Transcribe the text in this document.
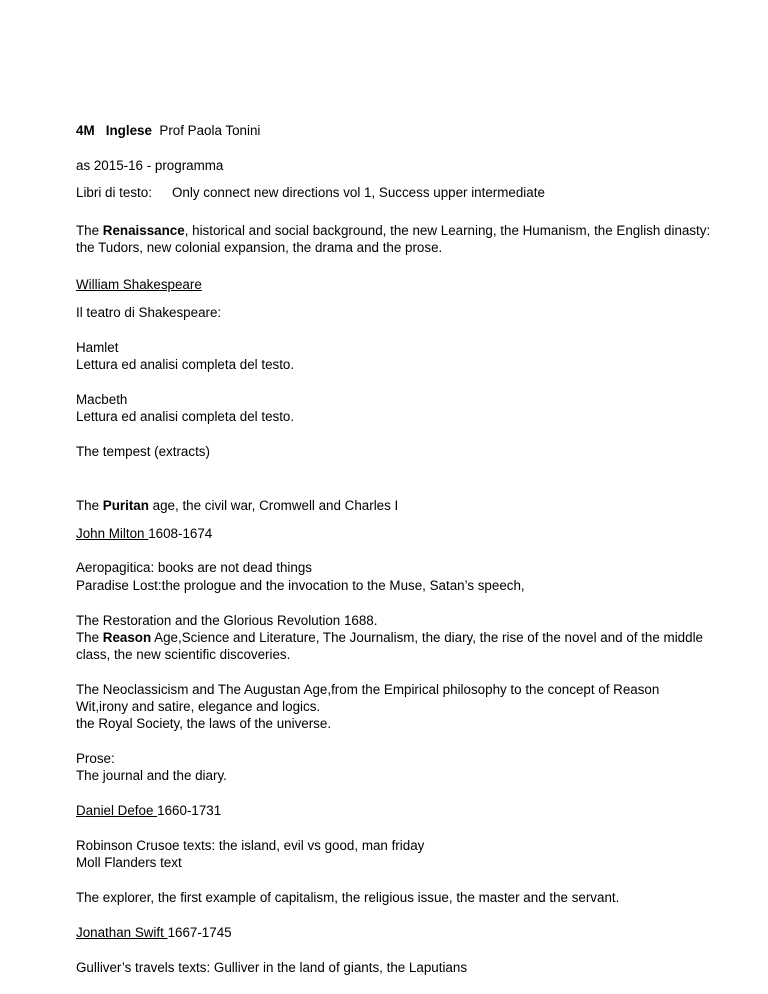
4M Inglese Prof Paola Tonini

as 2015-16 - programma

Libri di testo: Only connect new directions vol 1, Success upper intermediate

The Renaissance, historical and social background, the new Learning, the Humanism, the English dinasty: the Tudors, new colonial expansion, the drama and the prose.

William Shakespeare

Il teatro di Shakespeare:

Hamlet

Lettura ed analisi completa del testo.

Macbeth

Lettura ed analisi completa del testo.

The tempest (extracts)

The Puritan age, the civil war, Cromwell and Charles I

John Milton 1608-1674

Aeropagitica: books are not dead things

Paradise Lost:the prologue and the invocation to the Muse, Satan’s speech,

The Restoration and the Glorious Revolution 1688.

The Reason Age,Science and Literature, The Journalism, the diary, the rise of the novel and of the middle class, the new scientific discoveries.

The Neoclassicism and The Augustan Age,from the Empirical philosophy to the concept of Reason

Wit,irony and satire, elegance and logics.

the Royal Society, the laws of the universe.

Prose:

The journal and the diary.

Daniel Defoe 1660-1731

Robinson Crusoe texts: the island, evil vs good, man friday

Moll Flanders text

The explorer, the first example of capitalism, the religious issue, the master and the servant.

Jonathan Swift 1667-1745

Gulliver’s travels texts: Gulliver in the land of giants, the Laputians
